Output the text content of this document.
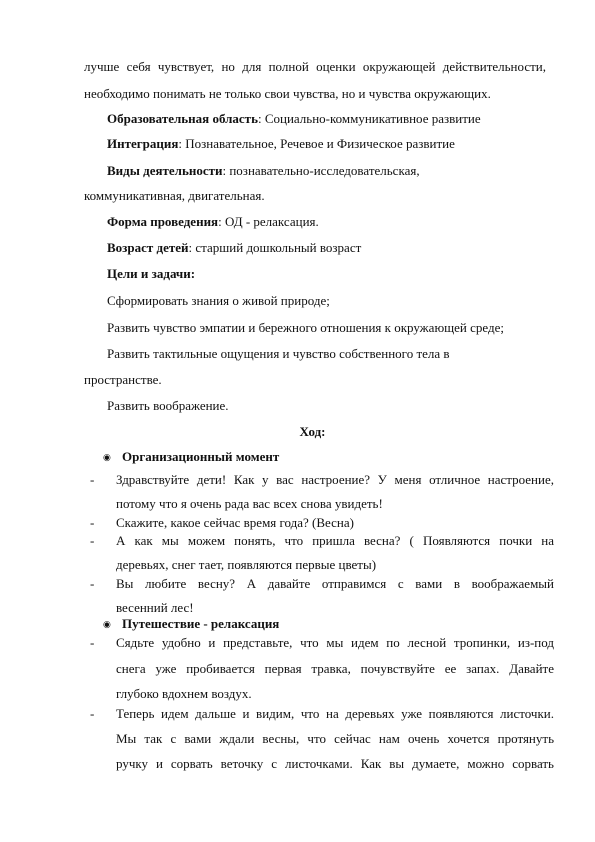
лучше себя чувствует, но для полной оценки окружающей действительности,
необходимо понимать не только свои чувства, но и чувства окружающих.
Образовательная область: Социально-коммуникативное развитие
Интеграция: Познавательное, Речевое и Физическое развитие
Виды деятельности: познавательно-исследовательская,
коммуникативная, двигательная.
Форма проведения: ОД - релаксация.
Возраст детей: старший дошкольный возраст
Цели и задачи:
Сформировать знания о живой природе;
Развить чувство эмпатии и бережного отношения к окружающей среде;
Развить тактильные ощущения и чувство собственного тела в
пространстве.
Развить воображение.
Ход:
◉ Организационный момент
- Здравствуйте дети! Как у вас настроение? У меня отличное настроение,
потому что я очень рада вас всех снова увидеть!
- Скажите, какое сейчас время года? (Весна)
- А как мы можем понять, что пришла весна? ( Появляются почки на
деревьях, снег тает, появляются первые цветы)
- Вы любите весну? А давайте отправимся с вами в воображаемый
весенний лес!
◉ Путешествие - релаксация
- Сядьте удобно и представьте, что мы идем по лесной тропинки, из-под
снега уже пробивается первая травка, почувствуйте ее запах. Давайте
глубоко вдохнем воздух.
- Теперь идем дальше и видим, что на деревьях уже появляются листочки.
Мы так с вами ждали весны, что сейчас нам очень хочется протянуть
ручку и сорвать веточку с листочками. Как вы думаете, можно сорвать
